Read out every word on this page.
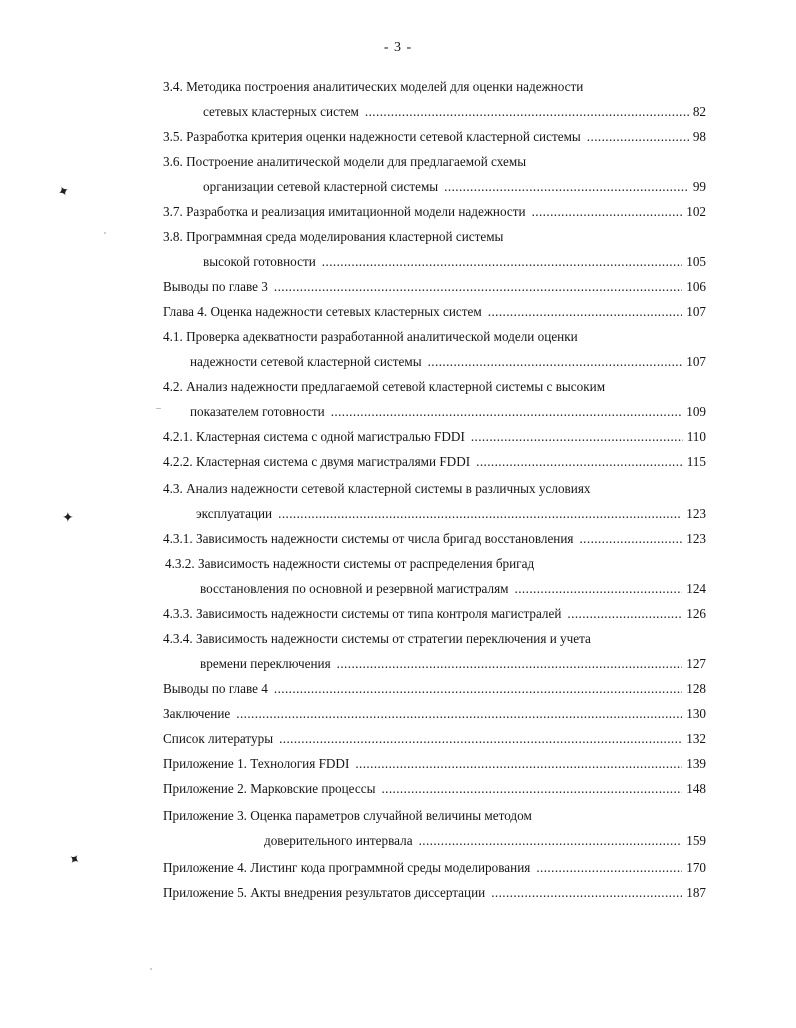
- 3 -
3.4. Методика построения аналитических моделей для оценки надежности
сетевых кластерных систем .....	82
3.5. Разработка критерия оценки надежности сетевой кластерной системы .....	98
3.6. Построение аналитической модели для предлагаемой схемы
организации сетевой кластерной системы .....	99
3.7. Разработка и реализация имитационной модели надежности .....	102
3.8. Программная среда моделирования кластерной системы
высокой готовности .....	105
Выводы по главе 3 .....	106
Глава 4. Оценка надежности сетевых кластерных систем .....	107
4.1. Проверка адекватности разработанной аналитической модели оценки
надежности сетевой кластерной системы .....	107
4.2. Анализ надежности предлагаемой сетевой кластерной системы с высоким
показателем готовности .....	109
4.2.1. Кластерная система с одной магистралью FDDI .....	110
4.2.2. Кластерная система с двумя магистралями FDDI .....	115
4.3. Анализ надежности сетевой кластерной системы в различных условиях
эксплуатации .....	123
4.3.1. Зависимость надежности системы от числа бригад восстановления .....	123
4.3.2. Зависимость надежности системы от распределения бригад
восстановления по основной и резервной магистралям .....	124
4.3.3. Зависимость надежности системы от типа контроля магистралей .....	126
4.3.4. Зависимость надежности системы от стратегии переключения и учета
времени переключения .....	127
Выводы по главе 4 .....	128
Заключение .....	130
Список литературы .....	132
Приложение 1. Технология FDDI .....	139
Приложение 2. Марковские процессы .....	148
Приложение 3. Оценка параметров случайной величины методом
доверительного интервала .....	159
Приложение 4. Листинг кода программной среды моделирования .....	170
Приложение 5. Акты внедрения результатов диссертации .....	187
✦
✦
✦
